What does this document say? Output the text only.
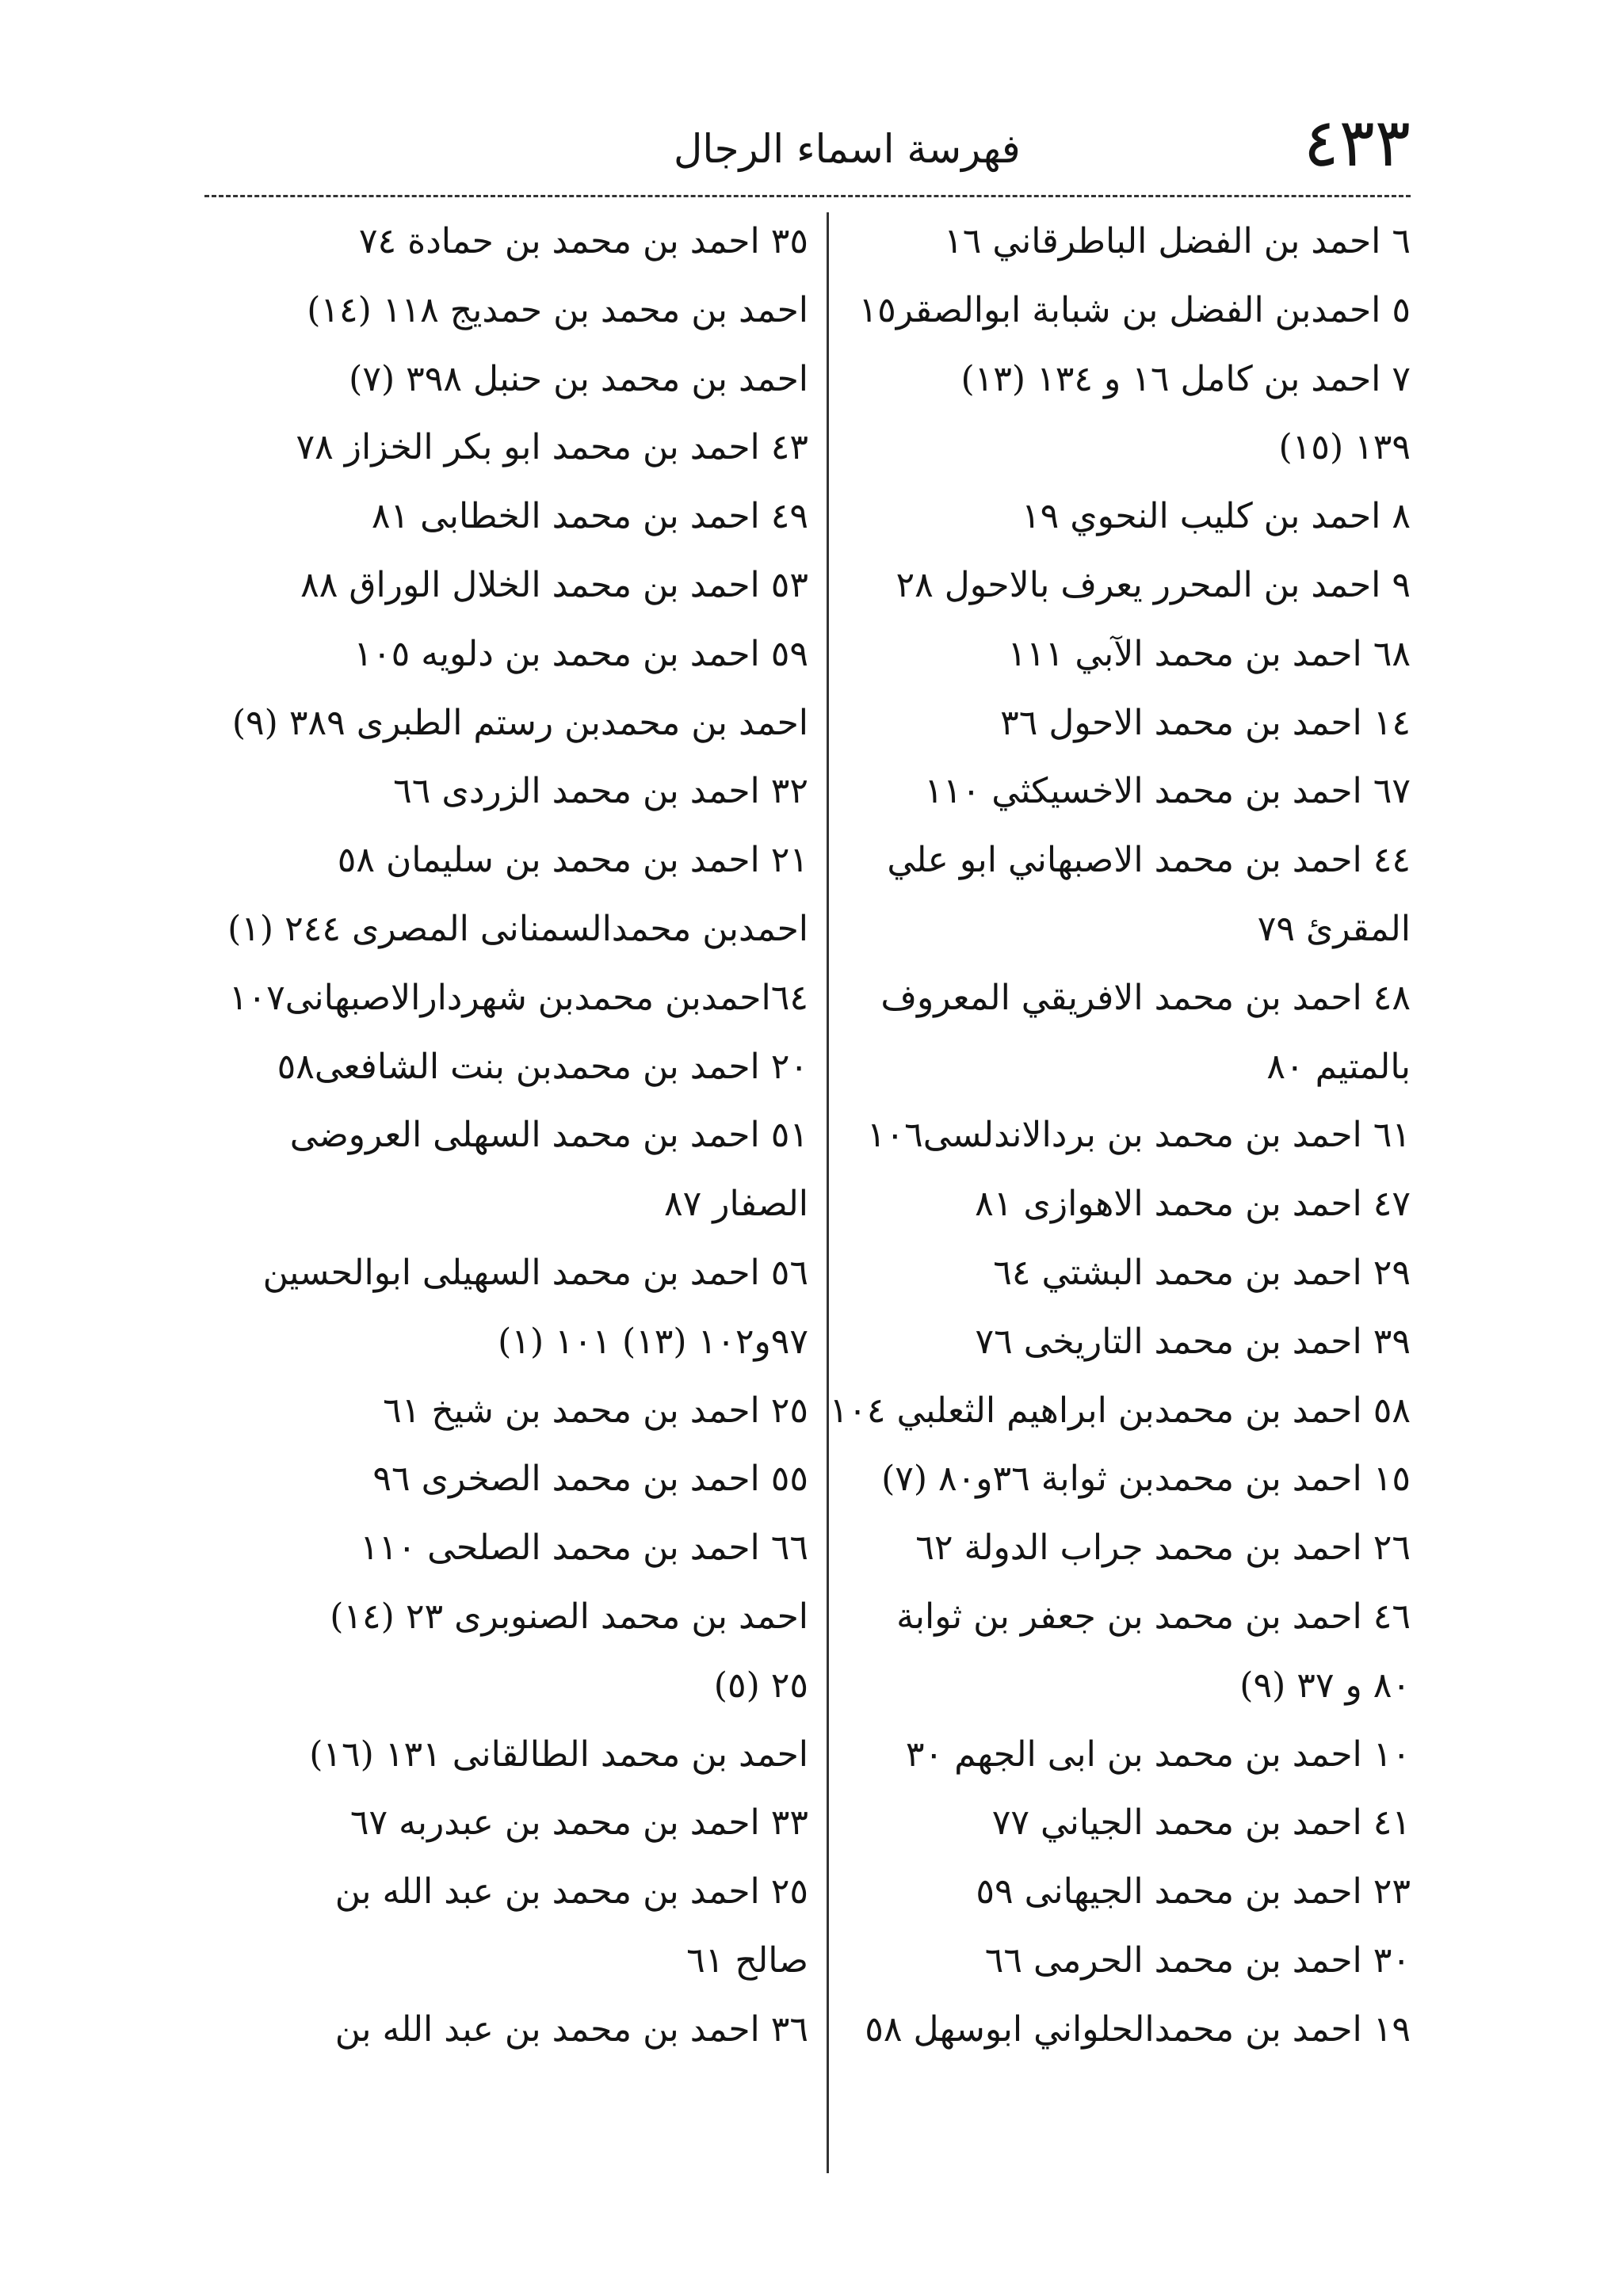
٤٣٣
فهرسة اسماء الرجال
٦ احمد بن الفضل الباطرقاني ١٦
٥ احمدبن الفضل بن شبابة ابوالصقر١٥
٧ احمد بن كامل ١٦ و ١٣٤ (١٣)
١٣٩ (١٥)
٨ احمد بن كليب النحوي ١٩
٩ احمد بن المحرر يعرف بالاحول ٢٨
٦٨ احمد بن محمد الآبي ١١١
١٤ احمد بن محمد الاحول ٣٦
٦٧ احمد بن محمد الاخسيكثي ١١٠
٤٤ احمد بن محمد الاصبهاني ابو علي
المقرئ ٧٩
٤٨ احمد بن محمد الافريقي المعروف
بالمتيم ٨٠
٦١ احمد بن محمد بن بردالاندلسى١٠٦
٤٧ احمد بن محمد الاهوازى ٨١
٢٩ احمد بن محمد البشتي ٦٤
٣٩ احمد بن محمد التاريخى ٧٦
٥٨ احمد بن محمدبن ابراهيم الثعلبي ١٠٤
١٥ احمد بن محمدبن ثوابة ٣٦و٨٠ (٧)
٢٦ احمد بن محمد جراب الدولة ٦٢
٤٦ احمد بن محمد بن جعفر بن ثوابة
٨٠ و ٣٧ (٩)
١٠ احمد بن محمد بن ابى الجهم ٣٠
٤١ احمد بن محمد الجياني ٧٧
٢٣ احمد بن محمد الجيهانى ٥٩
٣٠ احمد بن محمد الحرمى ٦٦
١٩ احمد بن محمدالحلواني ابوسهل ٥٨
٣٥ احمد بن محمد بن حمادة ٧٤
احمد بن محمد بن حمديج ١١٨ (١٤)
احمد بن محمد بن حنبل ٣٩٨ (٧)
٤٣ احمد بن محمد ابو بكر الخزاز ٧٨
٤٩ احمد بن محمد الخطابى ٨١
٥٣ احمد بن محمد الخلال الوراق ٨٨
٥٩ احمد بن محمد بن دلويه ١٠٥
احمد بن محمدبن رستم الطبرى ٣٨٩ (٩)
٣٢ احمد بن محمد الزردى ٦٦
٢١ احمد بن محمد بن سليمان ٥٨
احمدبن محمدالسمنانى المصرى ٢٤٤ (١)
٦٤احمدبن محمدبن شهردارالاصبهانى١٠٧
٢٠ احمد بن محمدبن بنت الشافعى٥٨
٥١ احمد بن محمد السهلى العروضى
الصفار ٨٧
٥٦ احمد بن محمد السهيلى ابوالحسين
٩٧و١٠٢ (١٣) ١٠١ (١)
٢٥ احمد بن محمد بن شيخ ٦١
٥٥ احمد بن محمد الصخرى ٩٦
٦٦ احمد بن محمد الصلحى ١١٠
احمد بن محمد الصنوبرى ٢٣ (١٤)
٢٥ (٥)
احمد بن محمد الطالقانى ١٣١ (١٦)
٣٣ احمد بن محمد بن عبدربه ٦٧
٢٥ احمد بن محمد بن عبد الله بن
صالح ٦١
٣٦ احمد بن محمد بن عبد الله بن
